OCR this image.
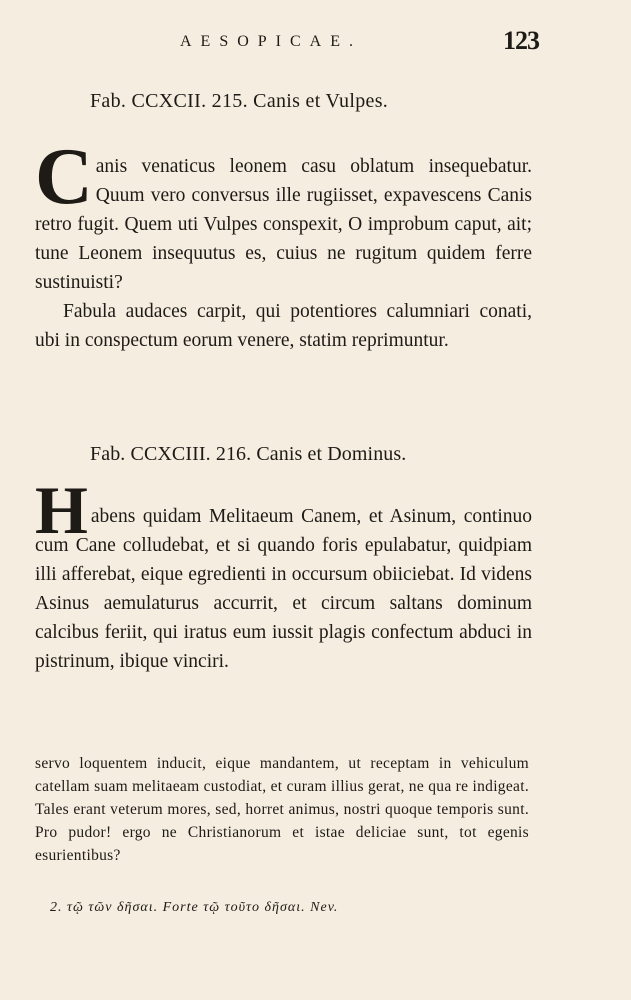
AESOPICAE.	123
Fab. CCXCII. 215. Canis et Vulpes.

Canis venaticus leonem casu oblatum insequebatur. Quum vero conversus ille rugiisset, expavescens Canis retro fugit. Quem uti Vulpes conspexit, O improbum caput, ait; tune Leonem insequutus es, cuius ne rugitum quidem ferre sustinuisti?

Fabula audaces carpit, qui potentiores calumniari conati, ubi in conspectum eorum venere, statim reprimuntur.

Fab. CCXCIII. 216. Canis et Dominus.

Habens quidam Melitaeum Canem, et Asinum, continuo cum Cane colludebat, et si quando foris epulabatur, quidpiam illi afferebat, eique egredienti in occursum obiiciebat. Id videns Asinus aemulaturus accurrit, et circum saltans dominum calcibus feriit, qui iratus eum iussit plagis confectum abduci in pistrinum, ibique vinciri.

servo loquentem inducit, eique mandantem, ut receptam in vehiculum catellam suam melitaeam custodiat, et curam illius gerat, ne qua re indigeat. Tales erant veterum mores, sed, horret animus, nostri quoque temporis sunt. Pro pudor! ergo ne Christianorum et istae deliciae sunt, tot egenis esurientibus?

2. τῷ τῶν δῆσαι. Forte τῷ τοῦτο δῆσαι. Nev.
